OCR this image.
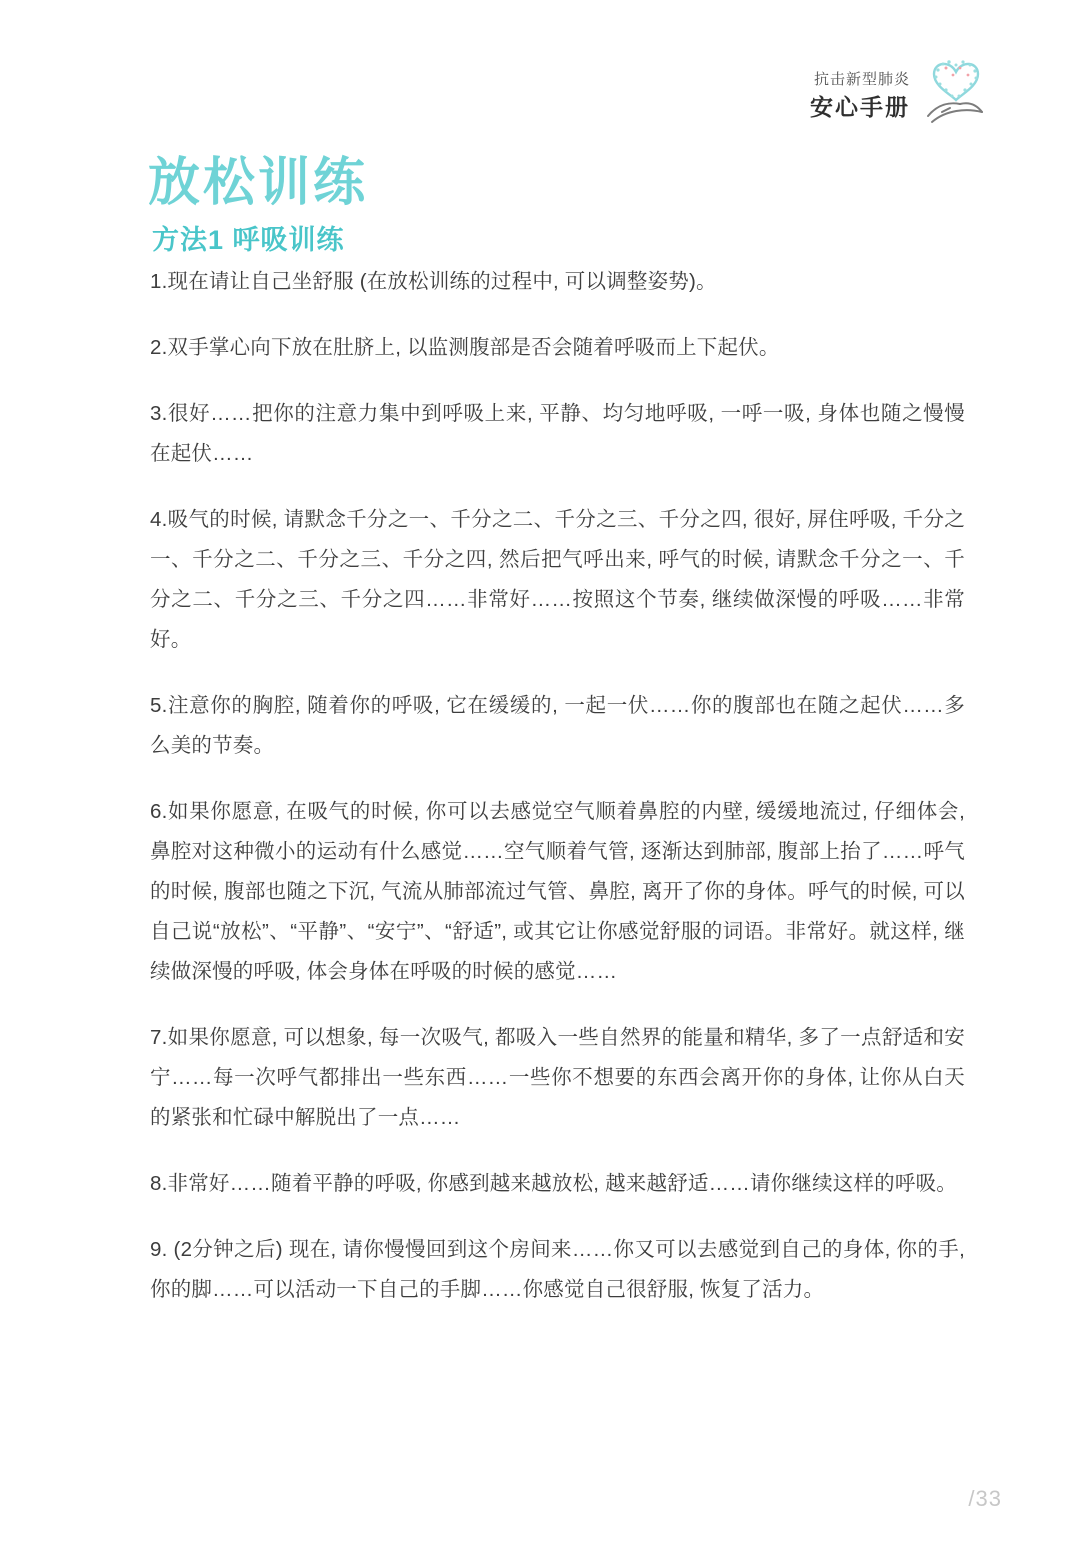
抗击新型肺炎
安心手册
放松训练
方法1 呼吸训练

1.现在请让自己坐舒服 (在放松训练的过程中, 可以调整姿势)。

2.双手掌心向下放在肚脐上, 以监测腹部是否会随着呼吸而上下起伏。

3.很好……把你的注意力集中到呼吸上来, 平静、均匀地呼吸, 一呼一吸, 身体也随之慢慢在起伏……

4.吸气的时候, 请默念千分之一、千分之二、千分之三、千分之四, 很好, 屏住呼吸, 千分之一、千分之二、千分之三、千分之四, 然后把气呼出来, 呼气的时候, 请默念千分之一、千分之二、千分之三、千分之四……非常好……按照这个节奏, 继续做深慢的呼吸……非常好。

5.注意你的胸腔, 随着你的呼吸, 它在缓缓的, 一起一伏……你的腹部也在随之起伏……多么美的节奏。

6.如果你愿意, 在吸气的时候, 你可以去感觉空气顺着鼻腔的内壁, 缓缓地流过, 仔细体会, 鼻腔对这种微小的运动有什么感觉……空气顺着气管, 逐渐达到肺部, 腹部上抬了……呼气的时候, 腹部也随之下沉, 气流从肺部流过气管、鼻腔, 离开了你的身体。呼气的时候, 可以自己说“放松”、“平静”、“安宁”、“舒适”, 或其它让你感觉舒服的词语。非常好。就这样, 继续做深慢的呼吸, 体会身体在呼吸的时候的感觉……

7.如果你愿意, 可以想象, 每一次吸气, 都吸入一些自然界的能量和精华, 多了一点舒适和安宁……每一次呼气都排出一些东西……一些你不想要的东西会离开你的身体, 让你从白天的紧张和忙碌中解脱出了一点……

8.非常好……随着平静的呼吸, 你感到越来越放松, 越来越舒适……请你继续这样的呼吸。

9. (2分钟之后) 现在, 请你慢慢回到这个房间来……你又可以去感觉到自己的身体, 你的手, 你的脚……可以活动一下自己的手脚……你感觉自己很舒服, 恢复了活力。

/33
